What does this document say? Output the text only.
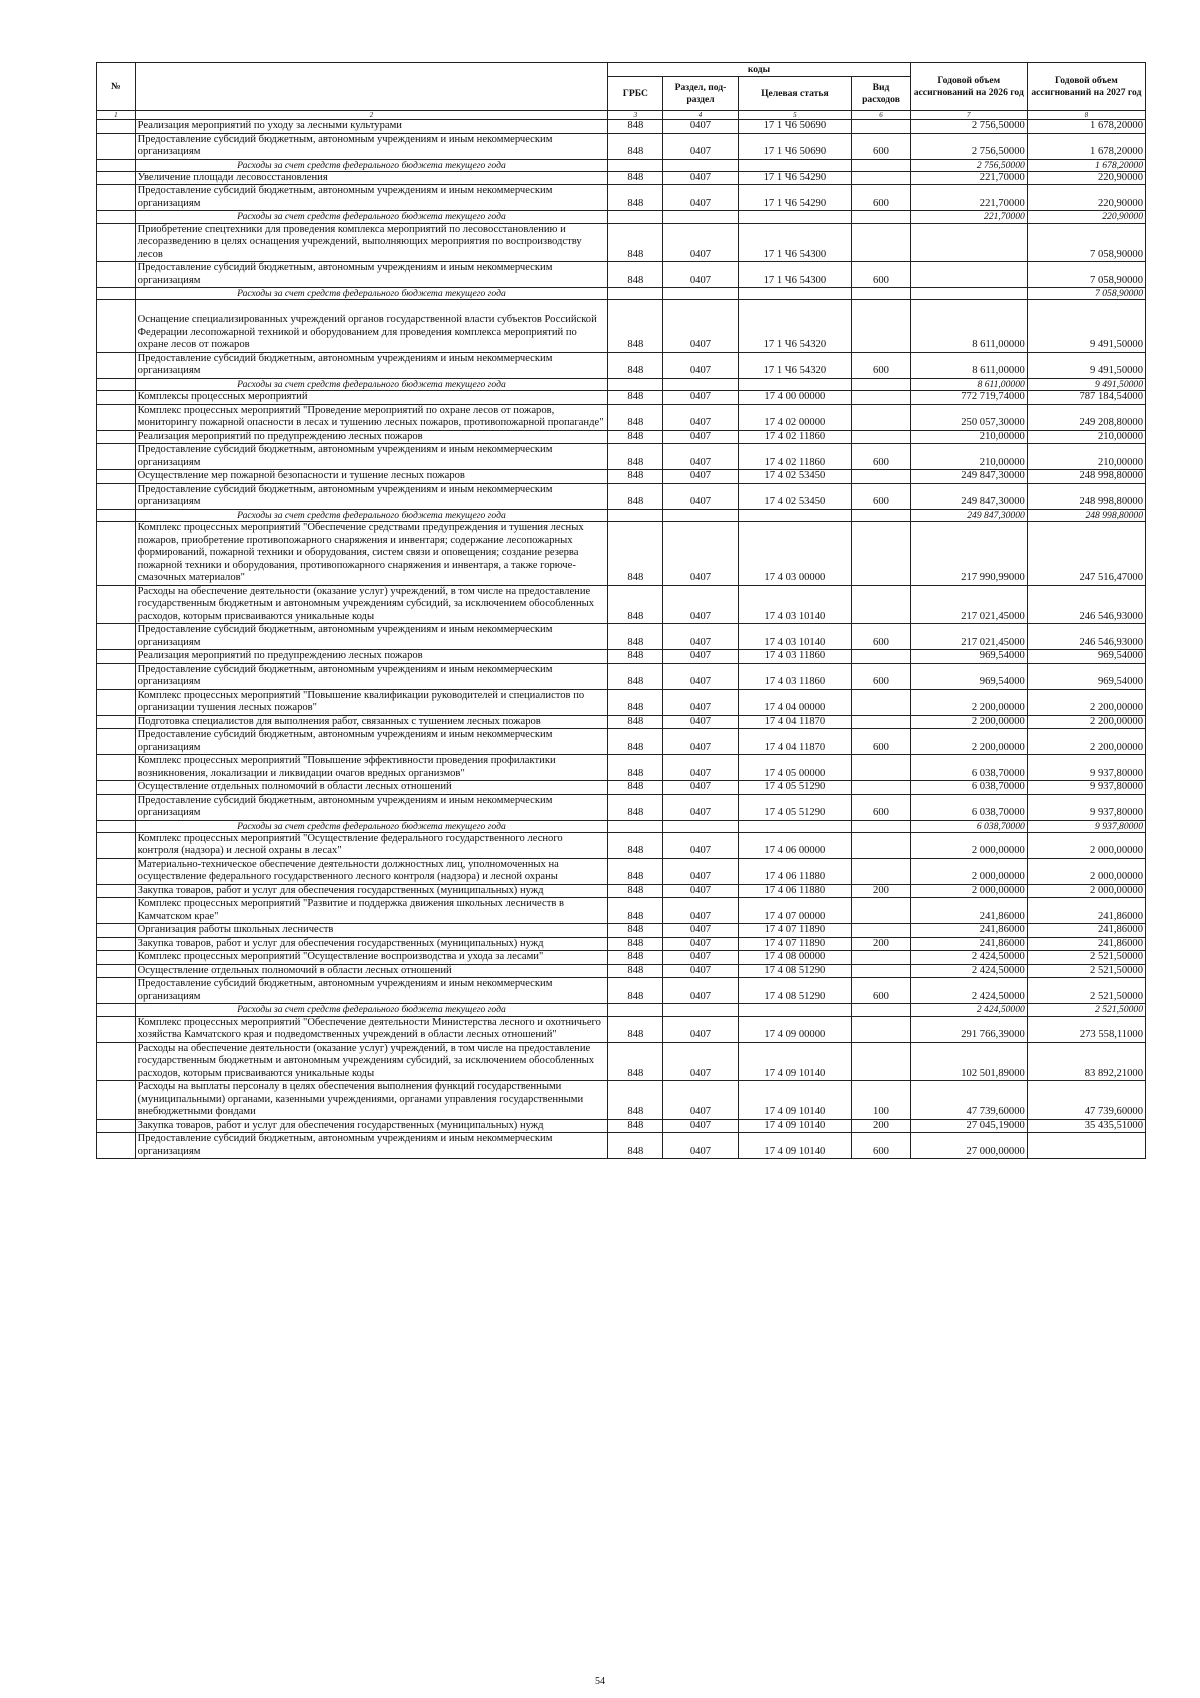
№		коды				Годовой объем ассигнований на 2026 год	Годовой объем ассигнований на 2027 год
		ГРБС	Раздел, под-раздел	Целевая статья	Вид расходов		
1	2	3	4	5	6	7	8
	Реализация мероприятий по уходу за лесными культурами	848	0407	17 1 Ч6 50690		2 756,50000	1 678,20000
	Предоставление субсидий бюджетным, автономным учреждениям и иным некоммерческим организациям	848	0407	17 1 Ч6 50690	600	2 756,50000	1 678,20000
	Расходы за счет средств федерального бюджета текущего года					2 756,50000	1 678,20000
	Увеличение площади лесовосстановления	848	0407	17 1 Ч6 54290		221,70000	220,90000
	Предоставление субсидий бюджетным, автономным учреждениям и иным некоммерческим организациям	848	0407	17 1 Ч6 54290	600	221,70000	220,90000
	Расходы за счет средств федерального бюджета текущего года					221,70000	220,90000
	Приобретение спецтехники для проведения комплекса мероприятий по лесовосстановлению и лесоразведению в целях оснащения учреждений, выполняющих мероприятия по воспроизводству лесов	848	0407	17 1 Ч6 54300			7 058,90000
	Предоставление субсидий бюджетным, автономным учреждениям и иным некоммерческим организациям	848	0407	17 1 Ч6 54300	600		7 058,90000
	Расходы за счет средств федерального бюджета текущего года						7 058,90000
	Оснащение специализированных учреждений органов государственной власти субъектов Российской Федерации лесопожарной техникой и оборудованием для проведения комплекса мероприятий по охране лесов от пожаров	848	0407	17 1 Ч6 54320		8 611,00000	9 491,50000
	Предоставление субсидий бюджетным, автономным учреждениям и иным некоммерческим организациям	848	0407	17 1 Ч6 54320	600	8 611,00000	9 491,50000
	Расходы за счет средств федерального бюджета текущего года					8 611,00000	9 491,50000
	Комплексы процессных мероприятий	848	0407	17 4 00 00000		772 719,74000	787 184,54000
	Комплекс процессных мероприятий "Проведение мероприятий по охране лесов от пожаров, мониторингу пожарной опасности в лесах и тушению лесных пожаров, противопожарной пропаганде"	848	0407	17 4 02 00000		250 057,30000	249 208,80000
	Реализация мероприятий по предупреждению лесных пожаров	848	0407	17 4 02 11860		210,00000	210,00000
	Предоставление субсидий бюджетным, автономным учреждениям и иным некоммерческим организациям	848	0407	17 4 02 11860	600	210,00000	210,00000
	Осуществление мер пожарной безопасности и тушение лесных пожаров	848	0407	17 4 02 53450		249 847,30000	248 998,80000
	Предоставление субсидий бюджетным, автономным учреждениям и иным некоммерческим организациям	848	0407	17 4 02 53450	600	249 847,30000	248 998,80000
	Расходы за счет средств федерального бюджета текущего года					249 847,30000	248 998,80000
	Комплекс процессных мероприятий "Обеспечение средствами предупреждения и тушения лесных пожаров, приобретение противопожарного снаряжения и инвентаря; содержание лесопожарных формирований, пожарной техники и оборудования, систем связи и оповещения; создание резерва пожарной техники и оборудования, противопожарного снаряжения и инвентаря, а также горюче-смазочных материалов"	848	0407	17 4 03 00000		217 990,99000	247 516,47000
	Расходы на обеспечение деятельности (оказание услуг) учреждений, в том числе на предоставление государственным бюджетным и автономным учреждениям субсидий, за исключением обособленных расходов, которым присваиваются уникальные коды	848	0407	17 4 03 10140		217 021,45000	246 546,93000
	Предоставление субсидий бюджетным, автономным учреждениям и иным некоммерческим организациям	848	0407	17 4 03 10140	600	217 021,45000	246 546,93000
	Реализация мероприятий по предупреждению лесных пожаров	848	0407	17 4 03 11860		969,54000	969,54000
	Предоставление субсидий бюджетным, автономным учреждениям и иным некоммерческим организациям	848	0407	17 4 03 11860	600	969,54000	969,54000
	Комплекс процессных мероприятий "Повышение квалификации руководителей и специалистов по организации тушения лесных пожаров"	848	0407	17 4 04 00000		2 200,00000	2 200,00000
	Подготовка специалистов для выполнения работ, связанных с тушением лесных пожаров	848	0407	17 4 04 11870		2 200,00000	2 200,00000
	Предоставление субсидий бюджетным, автономным учреждениям и иным некоммерческим организациям	848	0407	17 4 04 11870	600	2 200,00000	2 200,00000
	Комплекс процессных мероприятий "Повышение эффективности проведения профилактики возникновения, локализации и ликвидации очагов вредных организмов"	848	0407	17 4 05 00000		6 038,70000	9 937,80000
	Осуществление отдельных полномочий в области лесных отношений	848	0407	17 4 05 51290		6 038,70000	9 937,80000
	Предоставление субсидий бюджетным, автономным учреждениям и иным некоммерческим организациям	848	0407	17 4 05 51290	600	6 038,70000	9 937,80000
	Расходы за счет средств федерального бюджета текущего года					6 038,70000	9 937,80000
	Комплекс процессных мероприятий "Осуществление федерального государственного лесного контроля (надзора) и лесной охраны в лесах"	848	0407	17 4 06 00000		2 000,00000	2 000,00000
	Материально-техническое обеспечение деятельности должностных лиц, уполномоченных на осуществление федерального государственного лесного контроля (надзора) и лесной охраны	848	0407	17 4 06 11880		2 000,00000	2 000,00000
	Закупка товаров, работ и услуг для обеспечения государственных (муниципальных) нужд	848	0407	17 4 06 11880	200	2 000,00000	2 000,00000
	Комплекс процессных мероприятий "Развитие и поддержка движения школьных лесничеств в Камчатском крае"	848	0407	17 4 07 00000		241,86000	241,86000
	Организация работы школьных лесничеств	848	0407	17 4 07 11890		241,86000	241,86000
	Закупка товаров, работ и услуг для обеспечения государственных (муниципальных) нужд	848	0407	17 4 07 11890	200	241,86000	241,86000
	Комплекс процессных мероприятий "Осуществление воспроизводства и ухода за лесами"	848	0407	17 4 08 00000		2 424,50000	2 521,50000
	Осуществление отдельных полномочий в области лесных отношений	848	0407	17 4 08 51290		2 424,50000	2 521,50000
	Предоставление субсидий бюджетным, автономным учреждениям и иным некоммерческим организациям	848	0407	17 4 08 51290	600	2 424,50000	2 521,50000
	Расходы за счет средств федерального бюджета текущего года					2 424,50000	2 521,50000
	Комплекс процессных мероприятий "Обеспечение деятельности Министерства лесного и охотничьего хозяйства Камчатского края и подведомственных учреждений в области лесных отношений"	848	0407	17 4 09 00000		291 766,39000	273 558,11000
	Расходы на обеспечение деятельности (оказание услуг) учреждений, в том числе на предоставление государственным бюджетным и автономным учреждениям субсидий, за исключением обособленных расходов, которым присваиваются уникальные коды	848	0407	17 4 09 10140		102 501,89000	83 892,21000
	Расходы на выплаты персоналу в целях обеспечения выполнения функций государственными (муниципальными) органами, казенными учреждениями, органами управления государственными внебюджетными фондами	848	0407	17 4 09 10140	100	47 739,60000	47 739,60000
	Закупка товаров, работ и услуг для обеспечения государственных (муниципальных) нужд	848	0407	17 4 09 10140	200	27 045,19000	35 435,51000
	Предоставление субсидий бюджетным, автономным учреждениям и иным некоммерческим организациям	848	0407	17 4 09 10140	600	27 000,00000	
54
